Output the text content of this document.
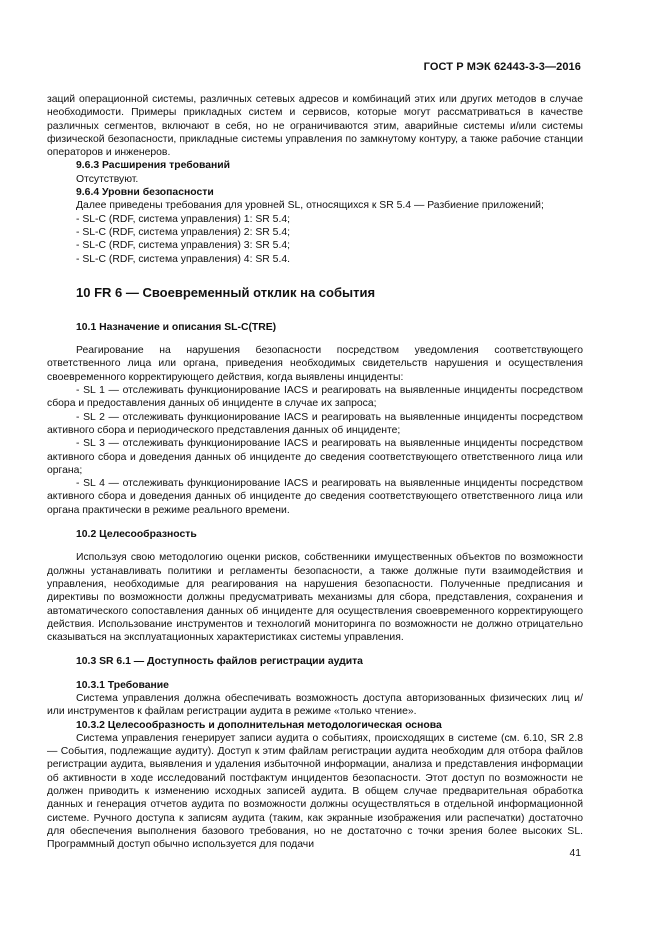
ГОСТ Р МЭК 62443-3-3—2016

заций операционной системы, различных сетевых адресов и комбинаций этих или других методов в случае необходимости. Примеры прикладных систем и сервисов, которые могут рассматриваться в качестве различных сегментов, включают в себя, но не ограничиваются этим, аварийные системы и/или системы физической безопасности, прикладные системы управления по замкнутому контуру, а также рабочие станции операторов и инженеров.

9.6.3 Расширения требований

Отсутствуют.

9.6.4 Уровни безопасности

Далее приведены требования для уровней SL, относящихся к SR 5.4 — Разбиение приложений;

- SL-C (RDF, система управления) 1: SR 5.4;

- SL-C (RDF, система управления) 2: SR 5.4;

- SL-C (RDF, система управления) 3: SR 5.4;

- SL-C (RDF, система управления) 4: SR 5.4.

10 FR 6 — Своевременный отклик на события
10.1 Назначение и описания SL-C(TRE)

Реагирование на нарушения безопасности посредством уведомления соответствующего ответственного лица или органа, приведения необходимых свидетельств нарушения и осуществления своевременного корректирующего действия, когда выявлены инциденты:

- SL 1 — отслеживать функционирование IACS и реагировать на выявленные инциденты посредством сбора и предоставления данных об инциденте в случае их запроса;

- SL 2 — отслеживать функционирование IACS и реагировать на выявленные инциденты посредством активного сбора и периодического представления данных об инциденте;

- SL 3 — отслеживать функционирование IACS и реагировать на выявленные инциденты посредством активного сбора и доведения данных об инциденте до сведения соответствующего ответственного лица или органа;

- SL 4 — отслеживать функционирование IACS и реагировать на выявленные инциденты посредством активного сбора и доведения данных об инциденте до сведения соответствующего ответственного лица или органа практически в режиме реального времени.

10.2 Целесообразность

Используя свою методологию оценки рисков, собственники имущественных объектов по возможности должны устанавливать политики и регламенты безопасности, а также должные пути взаимодействия и управления, необходимые для реагирования на нарушения безопасности. Полученные предписания и директивы по возможности должны предусматривать механизмы для сбора, представления, сохранения и автоматического сопоставления данных об инциденте для осуществления своевременного корректирующего действия. Использование инструментов и технологий мониторинга по возможности не должно отрицательно сказываться на эксплуатационных характеристиках системы управления.

10.3 SR 6.1 — Доступность файлов регистрации аудита

10.3.1 Требование

Система управления должна обеспечивать возможность доступа авторизованных физических лиц и/или инструментов к файлам регистрации аудита в режиме «только чтение».

10.3.2 Целесообразность и дополнительная методологическая основа

Система управления генерирует записи аудита о событиях, происходящих в системе (см. 6.10, SR 2.8 — События, подлежащие аудиту). Доступ к этим файлам регистрации аудита необходим для отбора файлов регистрации аудита, выявления и удаления избыточной информации, анализа и представления информации об активности в ходе исследований постфактум инцидентов безопасности. Этот доступ по возможности не должен приводить к изменению исходных записей аудита. В общем случае предварительная обработка данных и генерация отчетов аудита по возможности должны осуществляться в отдельной информационной системе. Ручного доступа к записям аудита (таким, как экранные изображения или распечатки) достаточно для обеспечения выполнения базового требования, но не достаточно с точки зрения более высоких SL. Программный доступ обычно используется для подачи

41
